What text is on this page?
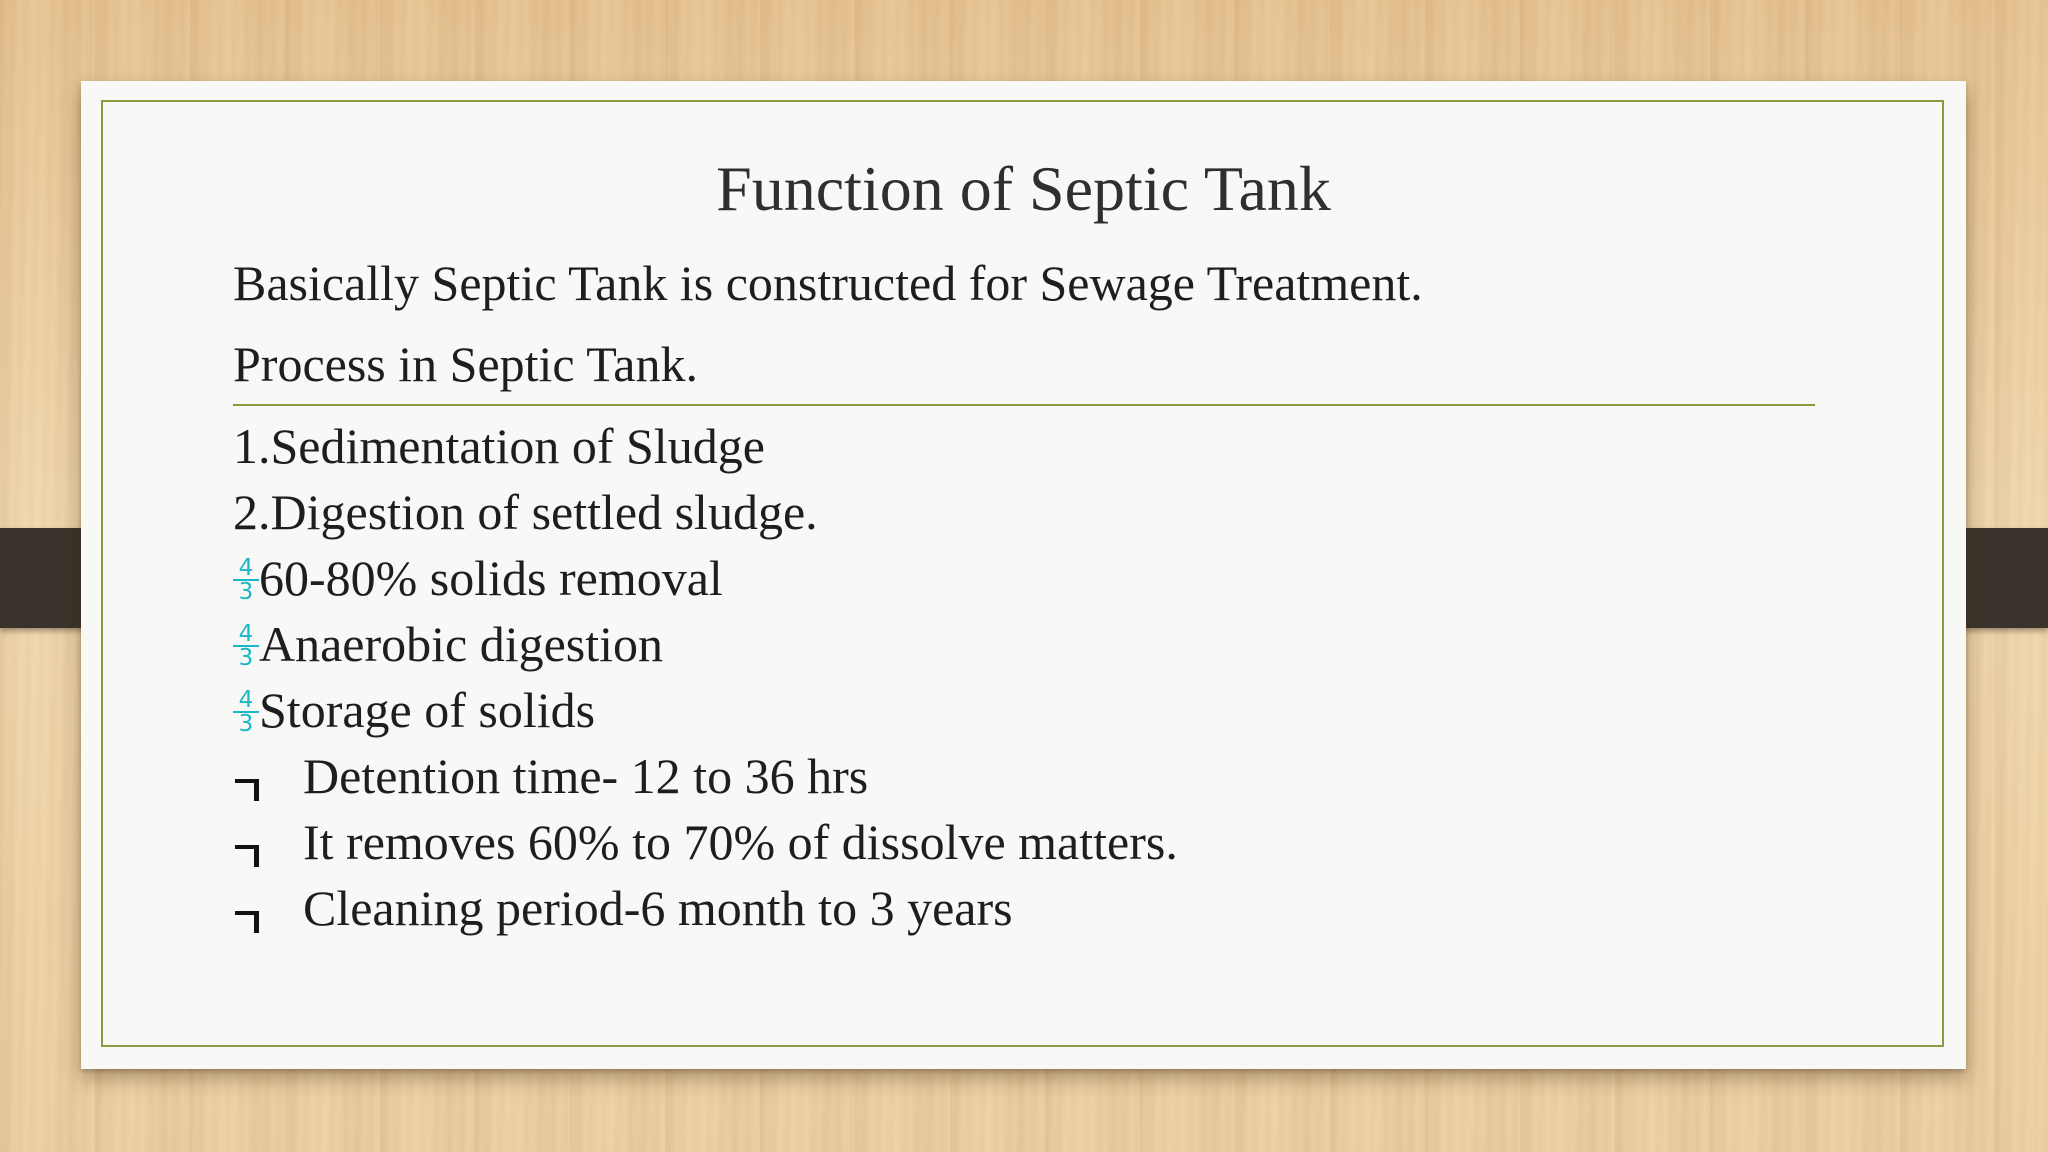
Function of Septic Tank
Basically Septic Tank is constructed for Sewage Treatment.
Process in Septic Tank.
1.Sedimentation of Sludge
2.Digestion of settled sludge.
$\frac{4}{3} 60-80\%$ solids removal
$\frac{4}{3}$ Anaerobic digestion
$\frac{4}{3}$ Storage of solids
Detention time- 12 to 36 hrs
It removes 60% to 70% of dissolve matters.
Cleaning period-6 month to 3 years
